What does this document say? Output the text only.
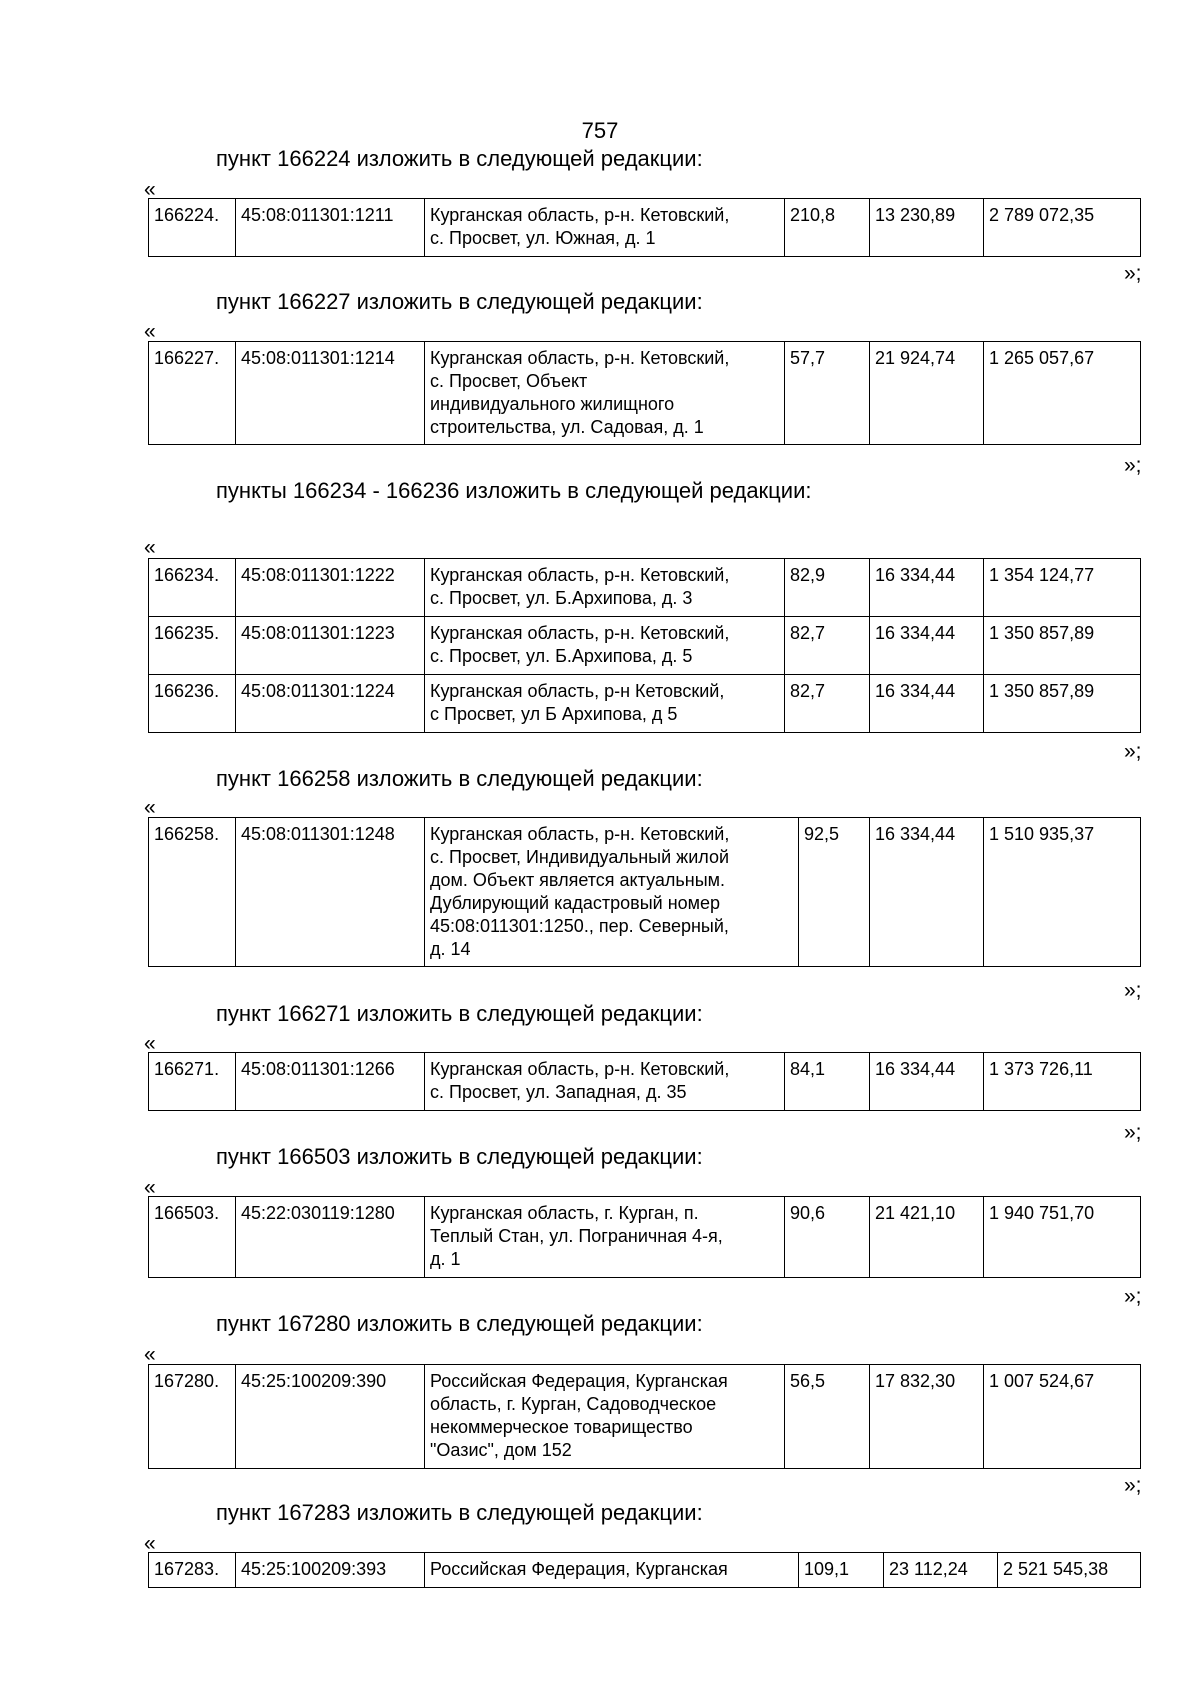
757
пункт 166224 изложить в следующей редакции:
«
166224.	45:08:011301:1211	Курганская область, р-н. Кетовский,
с. Просвет, ул. Южная, д. 1	210,8	13 230,89	2 789 072,35
»;
пункт 166227 изложить в следующей редакции:
«
166227.	45:08:011301:1214	Курганская область, р-н. Кетовский,
с. Просвет, Объект
индивидуального жилищного
строительства, ул. Садовая, д. 1	57,7	21 924,74	1 265 057,67
»;
пункты 166234 - 166236 изложить в следующей редакции:
«
166234.	45:08:011301:1222	Курганская область, р-н. Кетовский,
с. Просвет, ул. Б.Архипова, д. 3	82,9	16 334,44	1 354 124,77
166235.	45:08:011301:1223	Курганская область, р-н. Кетовский,
с. Просвет, ул. Б.Архипова, д. 5	82,7	16 334,44	1 350 857,89
166236.	45:08:011301:1224	Курганская область, р-н Кетовский,
с Просвет, ул Б Архипова, д 5	82,7	16 334,44	1 350 857,89
»;
пункт 166258 изложить в следующей редакции:
«
166258.	45:08:011301:1248	Курганская область, р-н. Кетовский,
с. Просвет, Индивидуальный жилой
дом. Объект является актуальным.
Дублирующий кадастровый номер
45:08:011301:1250., пер. Северный,
д. 14	92,5	16 334,44	1 510 935,37
»;
пункт 166271 изложить в следующей редакции:
«
166271.	45:08:011301:1266	Курганская область, р-н. Кетовский,
с. Просвет, ул. Западная, д. 35	84,1	16 334,44	1 373 726,11
»;
пункт 166503 изложить в следующей редакции:
«
166503.	45:22:030119:1280	Курганская область, г. Курган, п.
Теплый Стан, ул. Пограничная 4-я,
д. 1	90,6	21 421,10	1 940 751,70
»;
пункт 167280 изложить в следующей редакции:
«
167280.	45:25:100209:390	Российская Федерация, Курганская
область, г. Курган, Садоводческое
некоммерческое товарищество
"Оазис", дом 152	56,5	17 832,30	1 007 524,67
»;
пункт 167283 изложить в следующей редакции:
«
167283.	45:25:100209:393	Российская Федерация, Курганская	109,1	23 112,24	2 521 545,38
